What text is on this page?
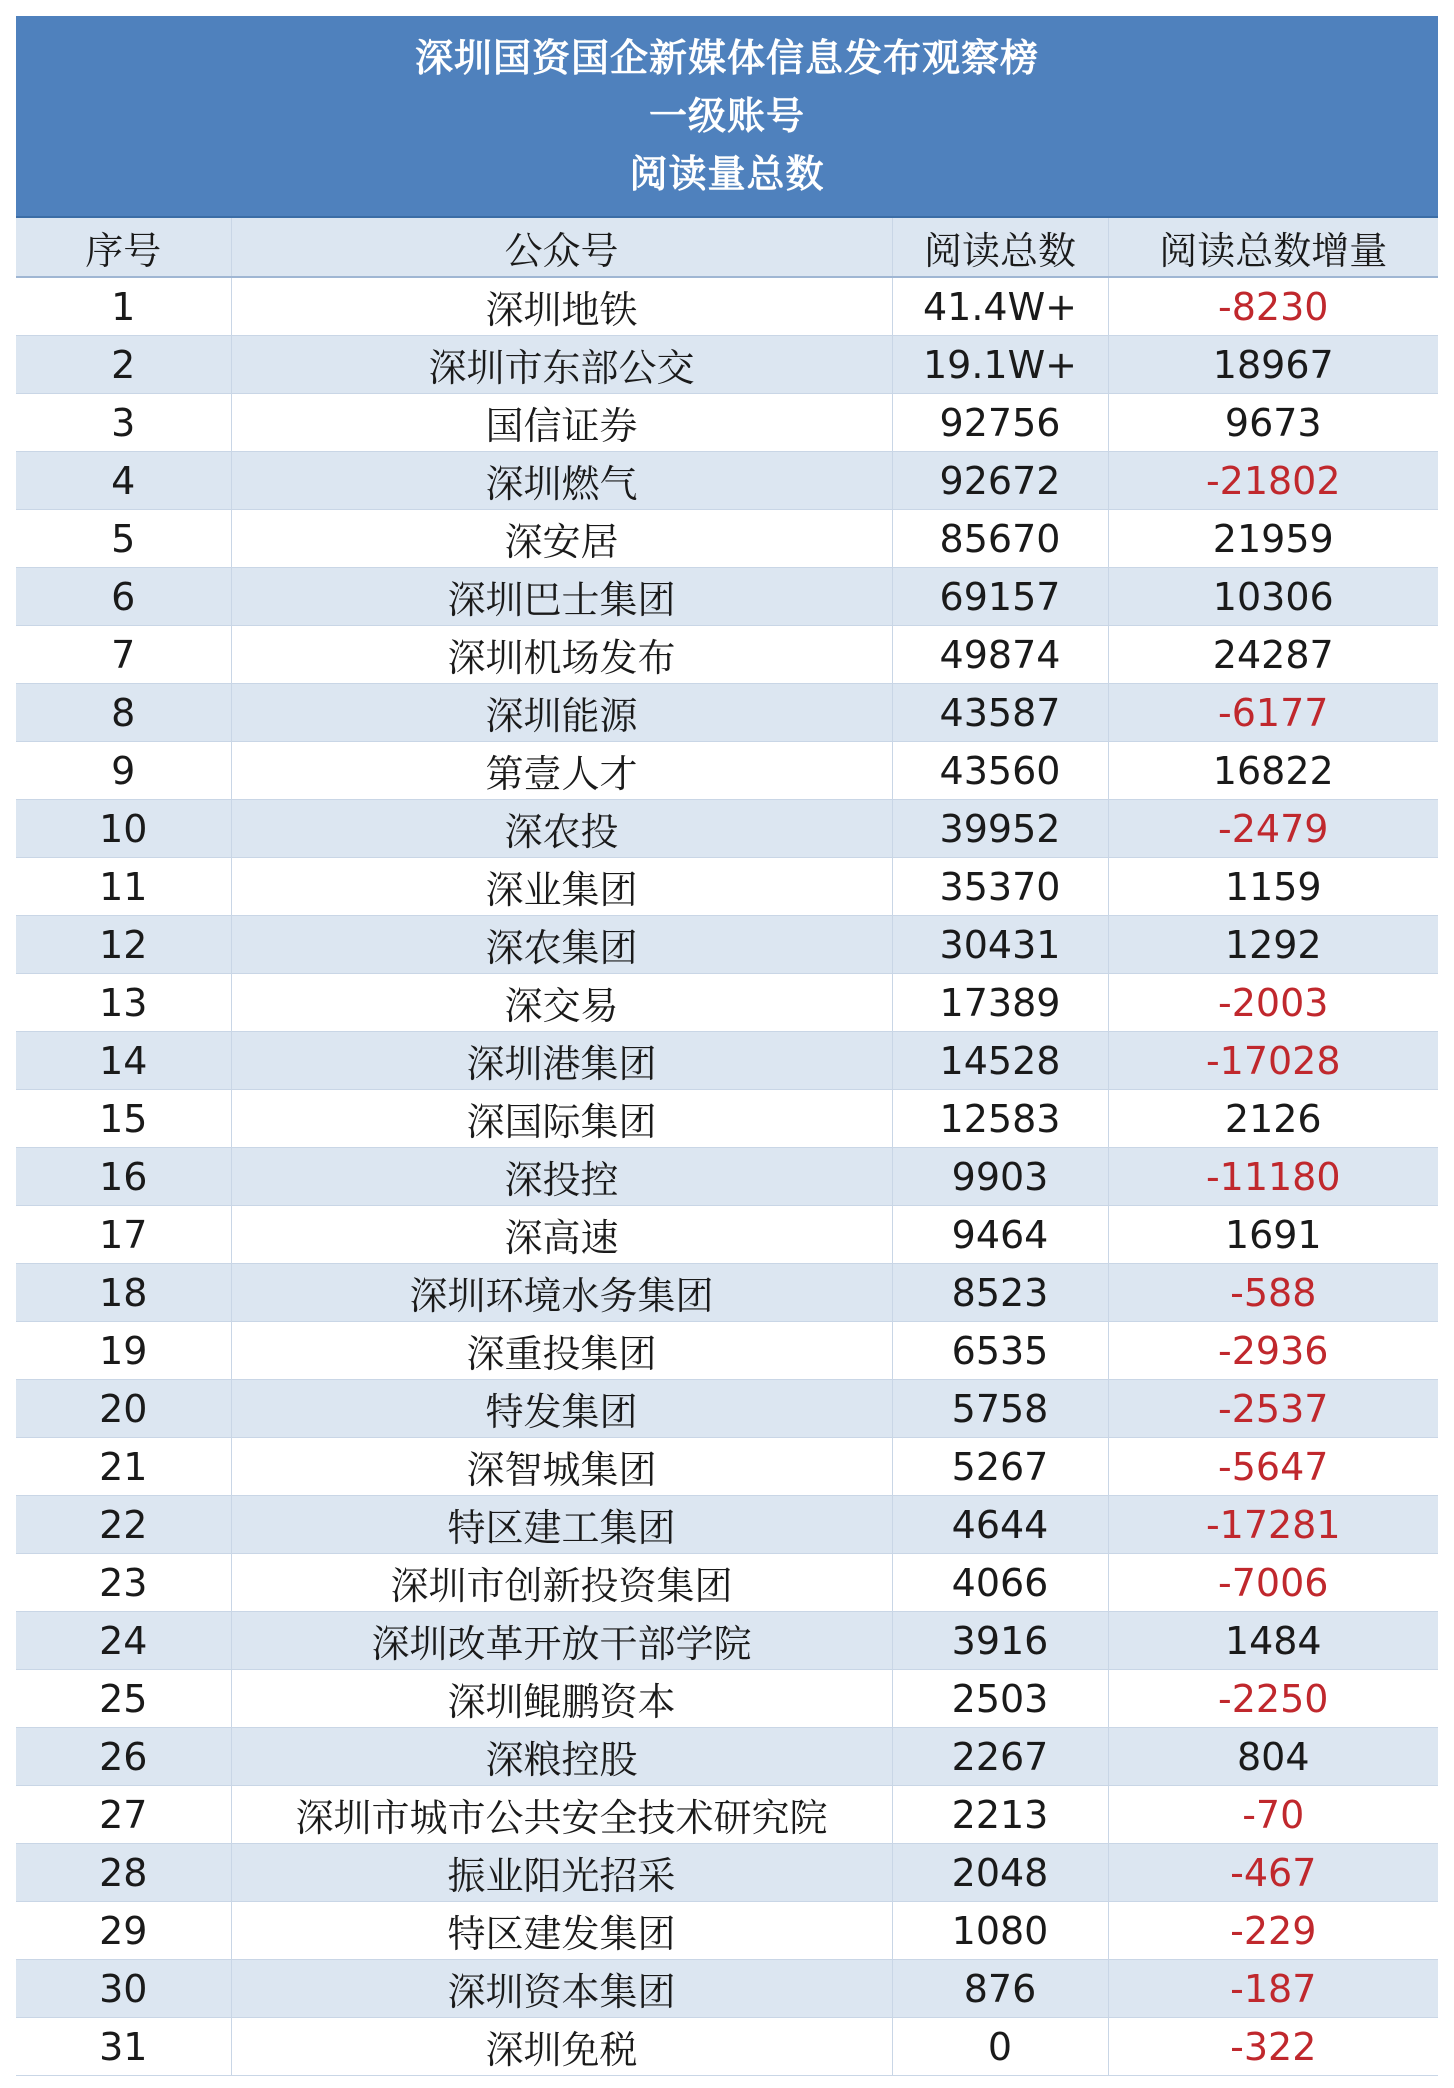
深圳国资国企新媒体信息发布观察榜
一级账号
阅读量总数
序号	公众号	阅读总数	阅读总数增量
1	深圳地铁	41.4W+	-8230
2	深圳市东部公交	19.1W+	18967
3	国信证券	92756	9673
4	深圳燃气	92672	-21802
5	深安居	85670	21959
6	深圳巴士集团	69157	10306
7	深圳机场发布	49874	24287
8	深圳能源	43587	-6177
9	第壹人才	43560	16822
10	深农投	39952	-2479
11	深业集团	35370	1159
12	深农集团	30431	1292
13	深交易	17389	-2003
14	深圳港集团	14528	-17028
15	深国际集团	12583	2126
16	深投控	9903	-11180
17	深高速	9464	1691
18	深圳环境水务集团	8523	-588
19	深重投集团	6535	-2936
20	特发集团	5758	-2537
21	深智城集团	5267	-5647
22	特区建工集团	4644	-17281
23	深圳市创新投资集团	4066	-7006
24	深圳改革开放干部学院	3916	1484
25	深圳鲲鹏资本	2503	-2250
26	深粮控股	2267	804
27	深圳市城市公共安全技术研究院	2213	-70
28	振业阳光招采	2048	-467
29	特区建发集团	1080	-229
30	深圳资本集团	876	-187
31	深圳免税	0	-322
